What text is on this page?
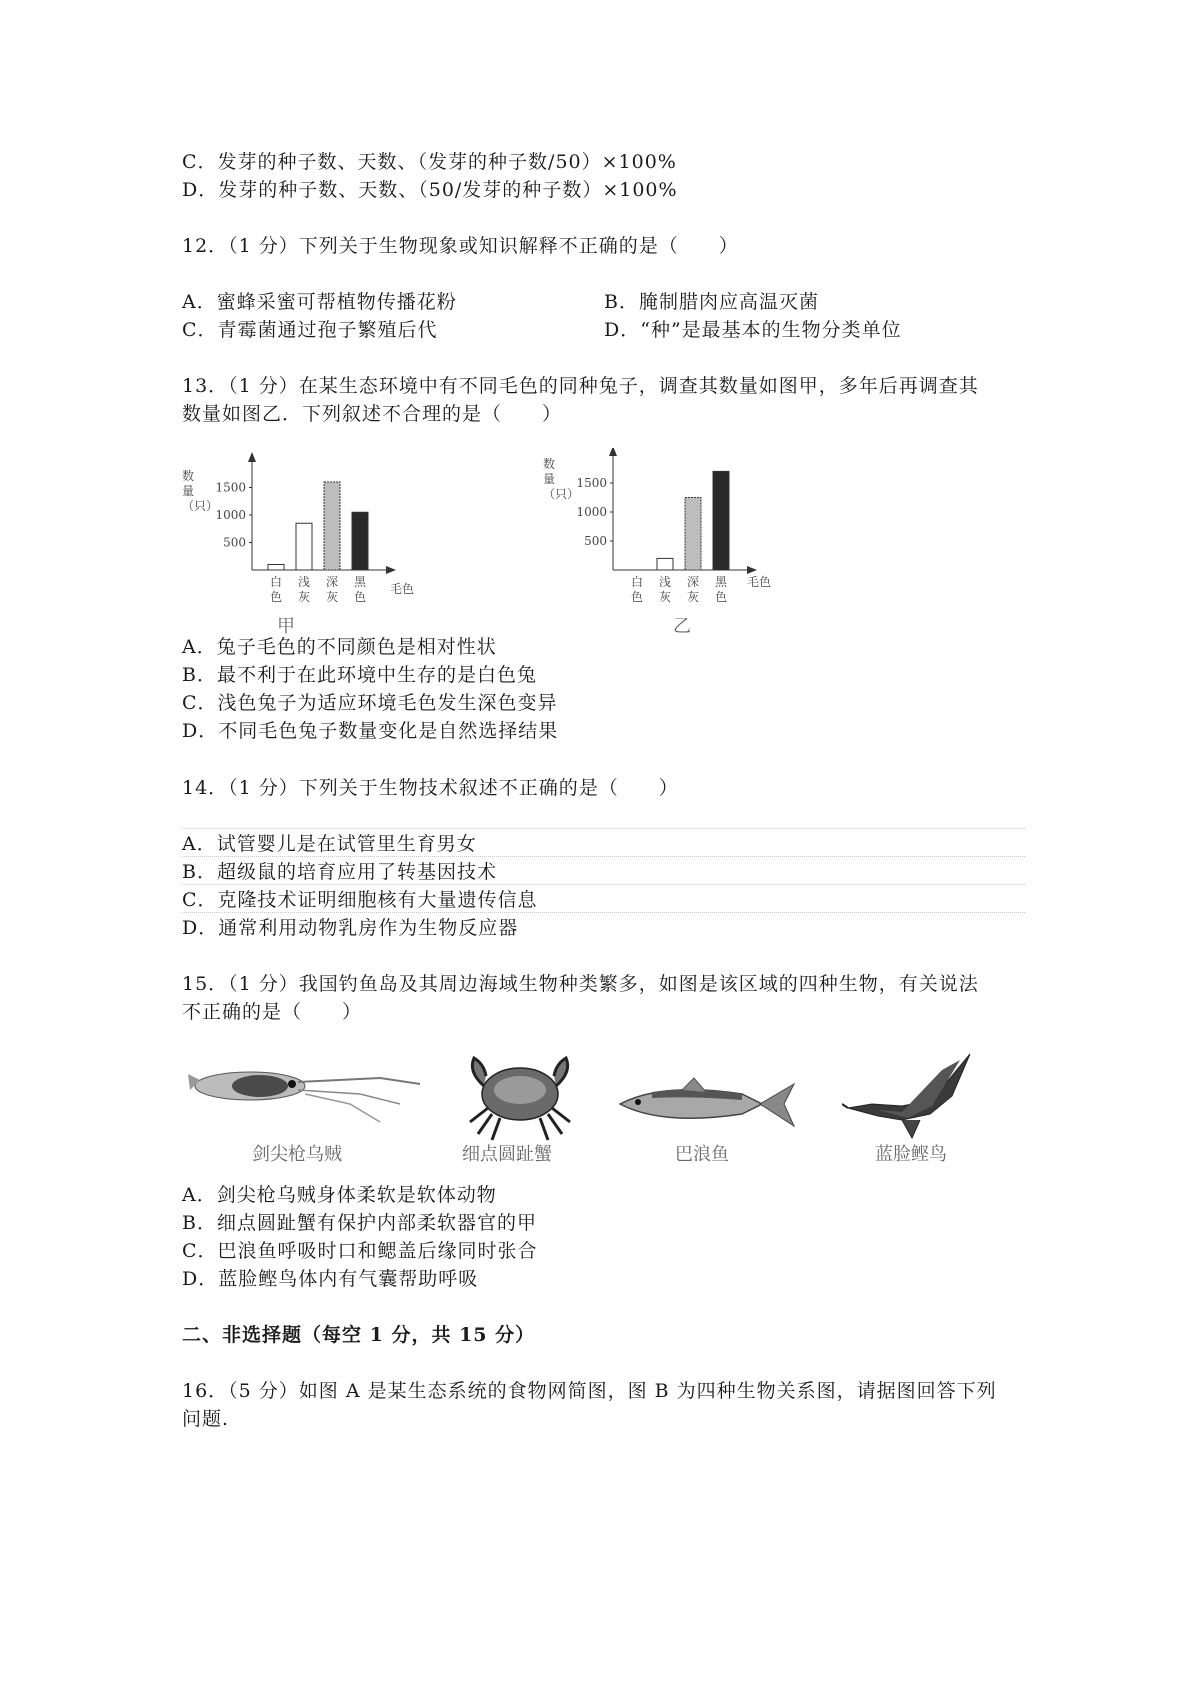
C．发芽的种子数、天数、（发芽的种子数/50）×100%
D．发芽的种子数、天数、（50/发芽的种子数）×100%
12．（1 分）下列关于生物现象或知识解释不正确的是（　　）
A．蜜蜂采蜜可帮植物传播花粉	B．腌制腊肉应高温灭菌
C．青霉菌通过孢子繁殖后代	D．“种”是最基本的生物分类单位
13．（1 分）在某生态环境中有不同毛色的同种兔子，调查其数量如图甲，多年后再调查其
数量如图乙．下列叙述不合理的是（　　）
数
量
（只）
500
1000
1500
白
色
浅
灰
深
灰
黑
色
毛色
甲
数
量
（只）
500
1000
1500
白
色
浅
灰
深
灰
黑
色
毛色
乙
A．兔子毛色的不同颜色是相对性状
B．最不利于在此环境中生存的是白色兔
C．浅色兔子为适应环境毛色发生深色变异
D．不同毛色兔子数量变化是自然选择结果
14．（1 分）下列关于生物技术叙述不正确的是（　　）
A．试管婴儿是在试管里生育男女
B．超级鼠的培育应用了转基因技术
C．克隆技术证明细胞核有大量遗传信息
D．通常利用动物乳房作为生物反应器
15．（1 分）我国钓鱼岛及其周边海域生物种类繁多，如图是该区域的四种生物，有关说法
不正确的是（　　）
剑尖枪乌贼	细点圆趾蟹	巴浪鱼	蓝脸鲣鸟
A．剑尖枪乌贼身体柔软是软体动物
B．细点圆趾蟹有保护内部柔软器官的甲
C．巴浪鱼呼吸时口和鳃盖后缘同时张合
D．蓝脸鲣鸟体内有气囊帮助呼吸
二、非选择题（每空 1 分，共 15 分）
16．（5 分）如图 A 是某生态系统的食物网简图，图 B 为四种生物关系图，请据图回答下列
问题.
